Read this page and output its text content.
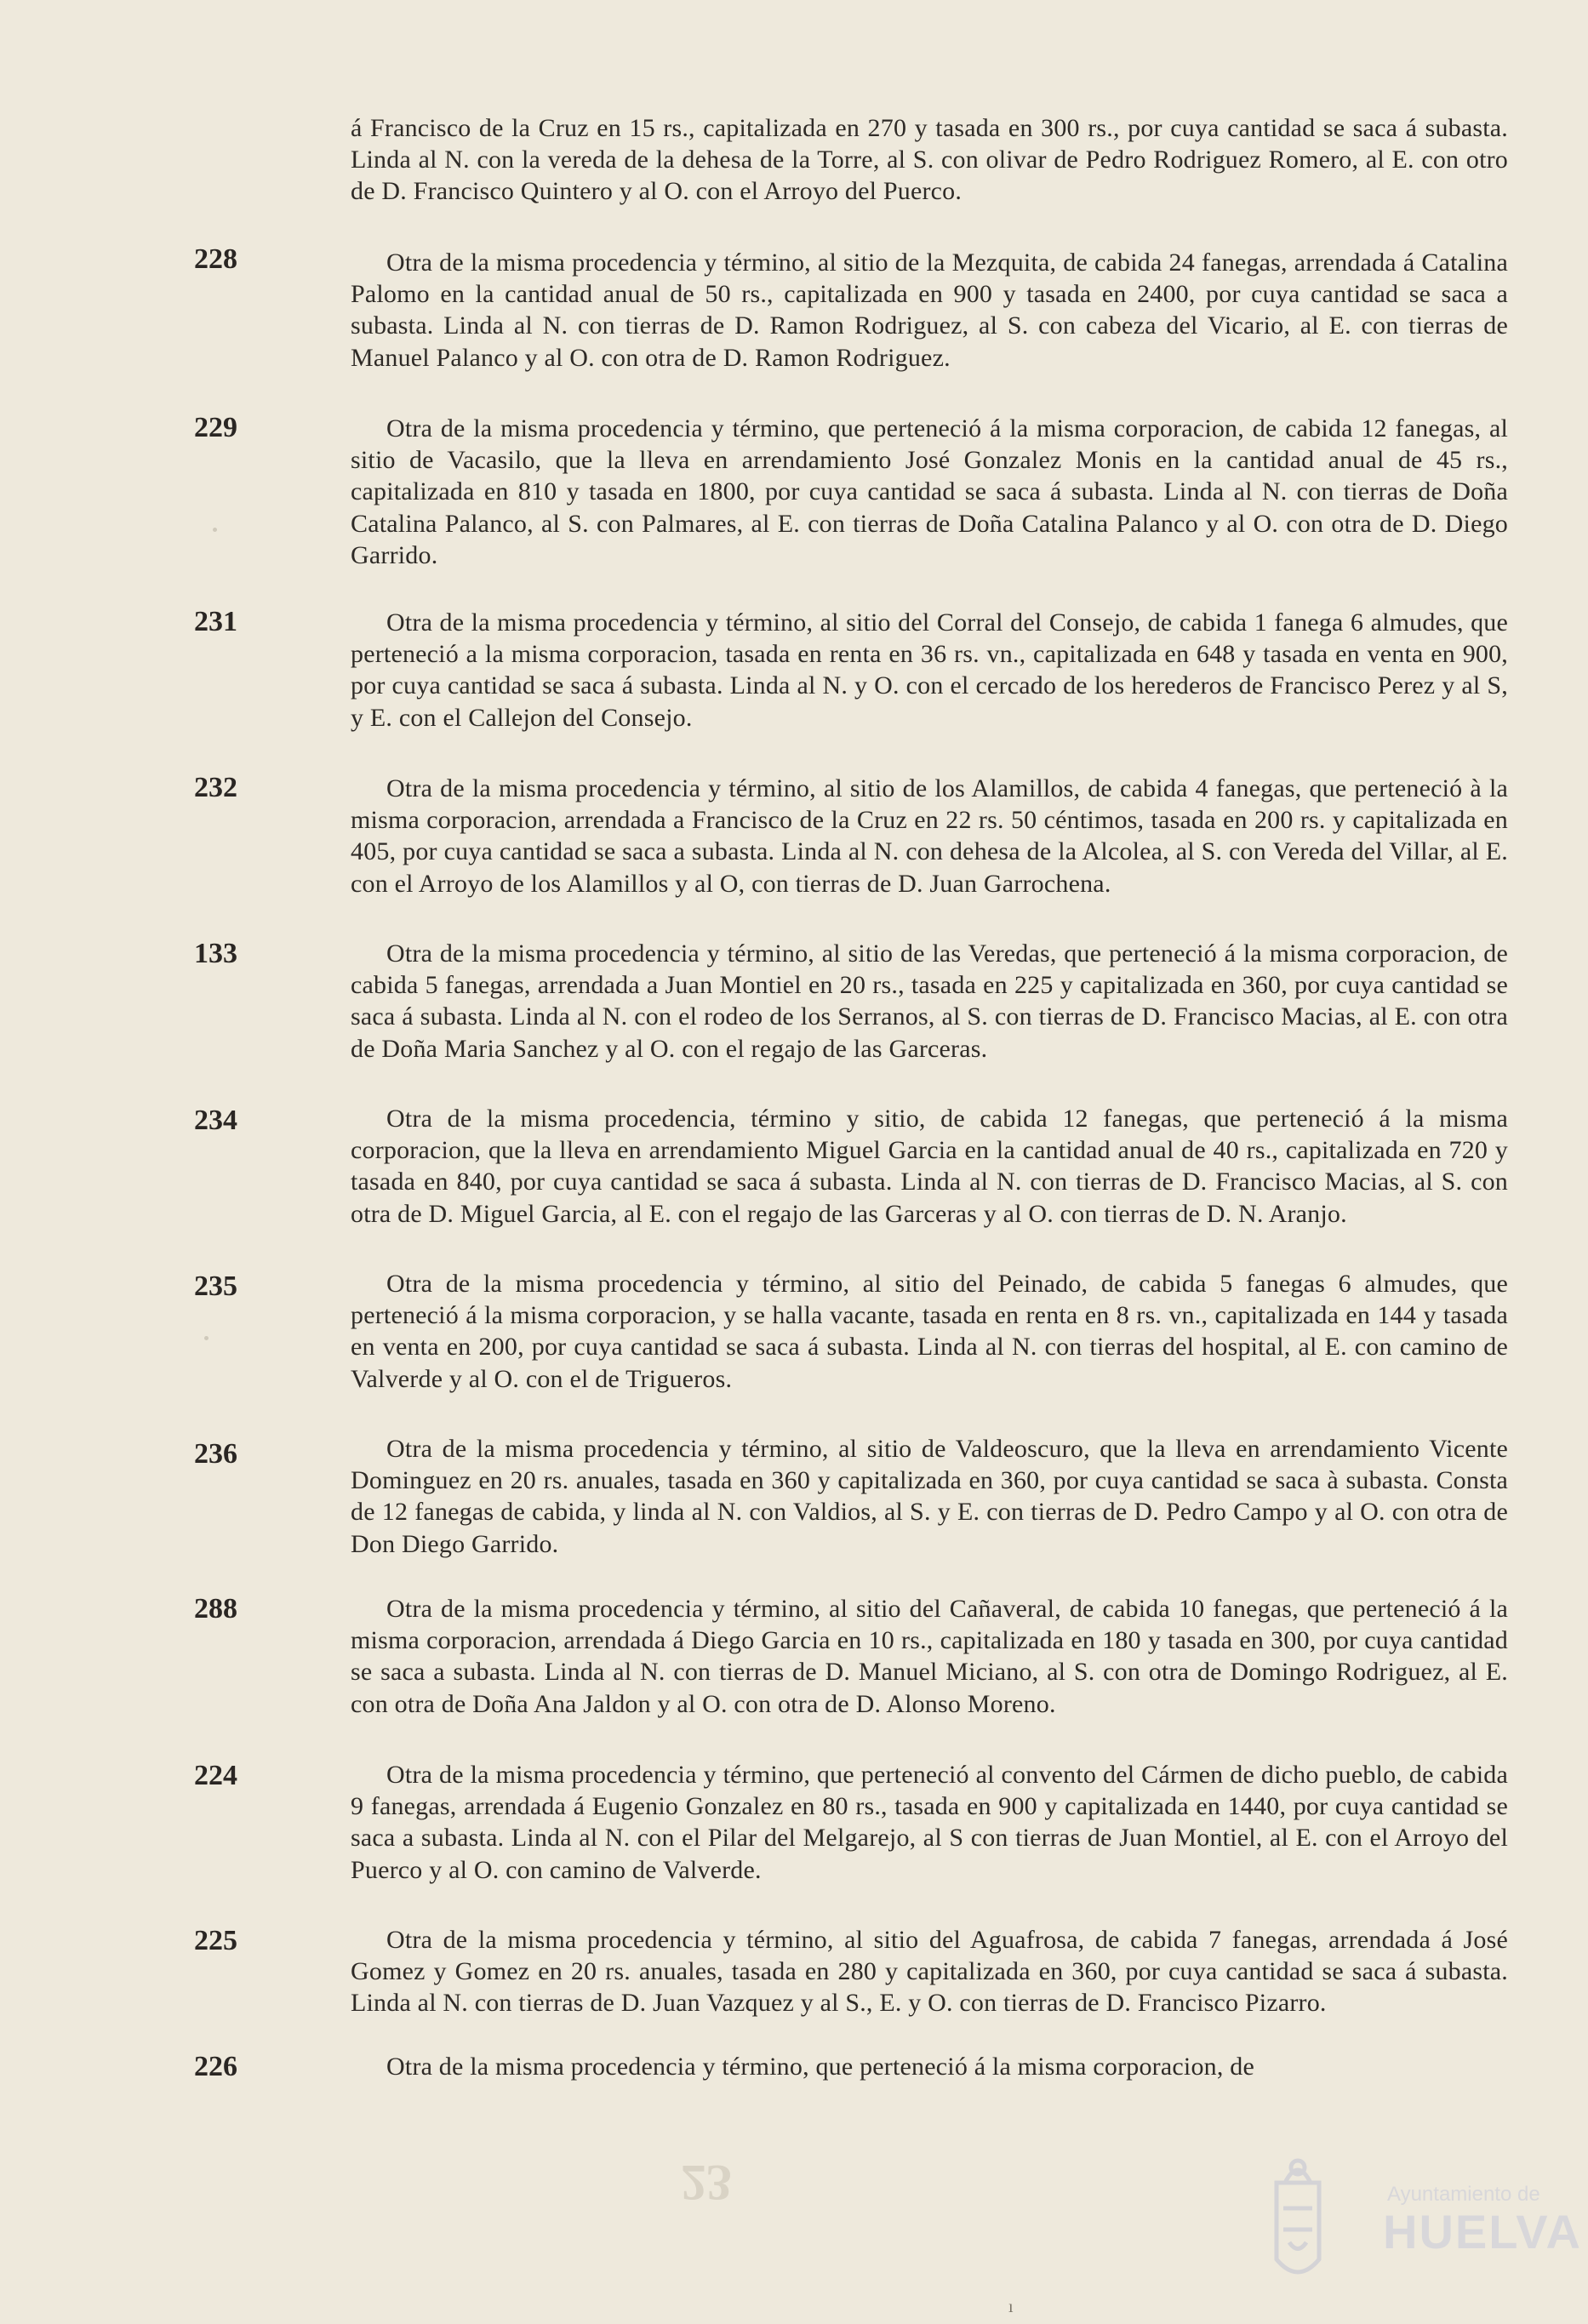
á Francisco de la Cruz en 15 rs., capitalizada en 270 y tasada en 300 rs., por cuya cantidad se saca á subasta. Linda al N. con la vereda de la dehesa de la Torre, al S. con olivar de Pedro Rodriguez Romero, al E. con otro de D. Francisco Quintero y al O. con el Arroyo del Puerco.

228	Otra de la misma procedencia y término, al sitio de la Mezquita, de cabida 24 fanegas, arrendada á Catalina Palomo en la cantidad anual de 50 rs., capitalizada en 900 y tasada en 2400, por cuya cantidad se saca a subasta. Linda al N. con tierras de D. Ramon Rodriguez, al S. con cabeza del Vicario, al E. con tierras de Manuel Palanco y al O. con otra de D. Ramon Rodriguez.

229	Otra de la misma procedencia y término, que perteneció á la misma corporacion, de cabida 12 fanegas, al sitio de Vacasilo, que la lleva en arrendamiento José Gonzalez Monis en la cantidad anual de 45 rs., capitalizada en 810 y tasada en 1800, por cuya cantidad se saca á subasta. Linda al N. con tierras de Doña Catalina Palanco, al S. con Palmares, al E. con tierras de Doña Catalina Palanco y al O. con otra de D. Diego Garrido.

231	Otra de la misma procedencia y término, al sitio del Corral del Consejo, de cabida 1 fanega 6 almudes, que perteneció a la misma corporacion, tasada en renta en 36 rs. vn., capitalizada en 648 y tasada en venta en 900, por cuya cantidad se saca á subasta. Linda al N. y O. con el cercado de los herederos de Francisco Perez y al S, y E. con el Callejon del Consejo.

232	Otra de la misma procedencia y término, al sitio de los Alamillos, de cabida 4 fanegas, que perteneció à la misma corporacion, arrendada a Francisco de la Cruz en 22 rs. 50 céntimos, tasada en 200 rs. y capitalizada en 405, por cuya cantidad se saca a subasta. Linda al N. con dehesa de la Alcolea, al S. con Vereda del Villar, al E. con el Arroyo de los Alamillos y al O, con tierras de D. Juan Garrochena.

133	Otra de la misma procedencia y término, al sitio de las Veredas, que perteneció á la misma corporacion, de cabida 5 fanegas, arrendada a Juan Montiel en 20 rs., tasada en 225 y capitalizada en 360, por cuya cantidad se saca á subasta. Linda al N. con el rodeo de los Serranos, al S. con tierras de D. Francisco Macias, al E. con otra de Doña Maria Sanchez y al O. con el regajo de las Garceras.

234	Otra de la misma procedencia, término y sitio, de cabida 12 fanegas, que perteneció á la misma corporacion, que la lleva en arrendamiento Miguel Garcia en la cantidad anual de 40 rs., capitalizada en 720 y tasada en 840, por cuya cantidad se saca á subasta. Linda al N. con tierras de D. Francisco Macias, al S. con otra de D. Miguel Garcia, al E. con el regajo de las Garceras y al O. con tierras de D. N. Aranjo.

235	Otra de la misma procedencia y término, al sitio del Peinado, de cabida 5 fanegas 6 almudes, que perteneció á la misma corporacion, y se halla vacante, tasada en renta en 8 rs. vn., capitalizada en 144 y tasada en venta en 200, por cuya cantidad se saca á subasta. Linda al N. con tierras del hospital, al E. con camino de Valverde y al O. con el de Trigueros.

236	Otra de la misma procedencia y término, al sitio de Valdeoscuro, que la lleva en arrendamiento Vicente Dominguez en 20 rs. anuales, tasada en 360 y capitalizada en 360, por cuya cantidad se saca à subasta. Consta de 12 fanegas de cabida, y linda al N. con Valdios, al S. y E. con tierras de D. Pedro Campo y al O. con otra de Don Diego Garrido.

288	Otra de la misma procedencia y término, al sitio del Cañaveral, de cabida 10 fanegas, que perteneció á la misma corporacion, arrendada á Diego Garcia en 10 rs., capitalizada en 180 y tasada en 300, por cuya cantidad se saca a subasta. Linda al N. con tierras de D. Manuel Miciano, al S. con otra de Domingo Rodriguez, al E. con otra de Doña Ana Jaldon y al O. con otra de D. Alonso Moreno.

224	Otra de la misma procedencia y término, que perteneció al convento del Cármen de dicho pueblo, de cabida 9 fanegas, arrendada á Eugenio Gonzalez en 80 rs., tasada en 900 y capitalizada en 1440, por cuya cantidad se saca a subasta. Linda al N. con el Pilar del Melgarejo, al S con tierras de Juan Montiel, al E. con el Arroyo del Puerco y al O. con camino de Valverde.

225	Otra de la misma procedencia y término, al sitio del Aguafrosa, de cabida 7 fanegas, arrendada á José Gomez y Gomez en 20 rs. anuales, tasada en 280 y capitalizada en 360, por cuya cantidad se saca á subasta. Linda al N. con tierras de D. Juan Vazquez y al S., E. y O. con tierras de D. Francisco Pizarro.

226	Otra de la misma procedencia y término, que perteneció á la misma corporacion, de

23	Ayuntamiento de
HUELVA
ı
